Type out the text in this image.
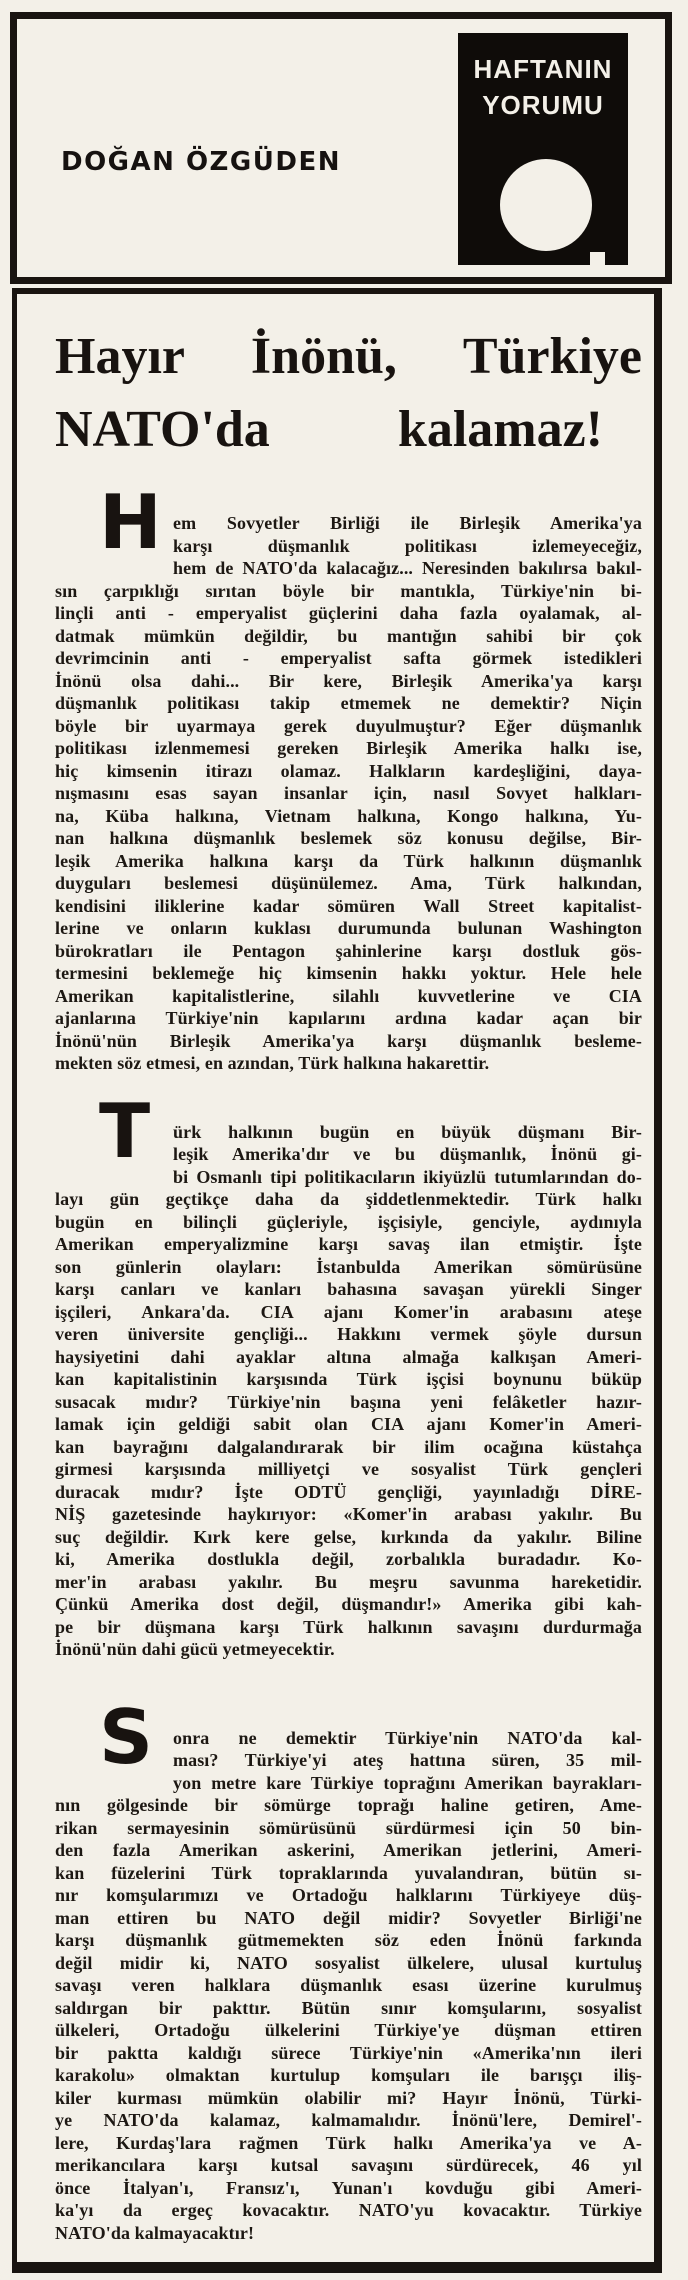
DOĞAN ÖZGÜDEN
HAFTANIN
YORUMU
Hayır İnönü, Türkiye
NATO'da kalamaz!
H em Sovyetler Birliği ile Birleşik Amerika'ya
karşı düşmanlık politikası izlemeyeceğiz,
hem de NATO'da kalacağız... Neresinden bakılırsa bakıl-
sın çarpıklığı sırıtan böyle bir mantıkla, Türkiye'nin bi-
linçli anti - emperyalist güçlerini daha fazla oyalamak, al-
datmak mümkün değildir, bu mantığın sahibi bir çok
devrimcinin anti - emperyalist safta görmek istedikleri
İnönü olsa dahi... Bir kere, Birleşik Amerika'ya karşı
düşmanlık politikası takip etmemek ne demektir? Niçin
böyle bir uyarmaya gerek duyulmuştur? Eğer düşmanlık
politikası izlenmemesi gereken Birleşik Amerika halkı ise,
hiç kimsenin itirazı olamaz. Halkların kardeşliğini, daya-
nışmasını esas sayan insanlar için, nasıl Sovyet halkları-
na, Küba halkına, Vietnam halkına, Kongo halkına, Yu-
nan halkına düşmanlık beslemek söz konusu değilse, Bir-
leşik Amerika halkına karşı da Türk halkının düşmanlık
duyguları beslemesi düşünülemez. Ama, Türk halkından,
kendisini iliklerine kadar sömüren Wall Street kapitalist-
lerine ve onların kuklası durumunda bulunan Washington
bürokratları ile Pentagon şahinlerine karşı dostluk gös-
termesini beklemeğe hiç kimsenin hakkı yoktur. Hele hele
Amerikan kapitalistlerine, silahlı kuvvetlerine ve CIA
ajanlarına Türkiye'nin kapılarını ardına kadar açan bir
İnönü'nün Birleşik Amerika'ya karşı düşmanlık besleme-
mekten söz etmesi, en azından, Türk halkına hakarettir.
T ürk halkının bugün en büyük düşmanı Bir-
leşik Amerika'dır ve bu düşmanlık, İnönü gi-
bi Osmanlı tipi politikacıların ikiyüzlü tutumlarından do-
layı gün geçtikçe daha da şiddetlenmektedir. Türk halkı
bugün en bilinçli güçleriyle, işçisiyle, genciyle, aydınıyla
Amerikan emperyalizmine karşı savaş ilan etmiştir. İşte
son günlerin olayları: İstanbulda Amerikan sömürüsüne
karşı canları ve kanları bahasına savaşan yürekli Singer
işçileri, Ankara'da. CIA ajanı Komer'in arabasını ateşe
veren üniversite gençliği... Hakkını vermek şöyle dursun
haysiyetini dahi ayaklar altına almağa kalkışan Ameri-
kan kapitalistinin karşısında Türk işçisi boynunu büküp
susacak mıdır? Türkiye'nin başına yeni felâketler hazır-
lamak için geldiği sabit olan CIA ajanı Komer'in Ameri-
kan bayrağını dalgalandırarak bir ilim ocağına küstahça
girmesi karşısında milliyetçi ve sosyalist Türk gençleri
duracak mıdır? İşte ODTÜ gençliği, yayınladığı DİRE-
NİŞ gazetesinde haykırıyor: «Komer'in arabası yakılır. Bu
suç değildir. Kırk kere gelse, kırkında da yakılır. Biline
ki, Amerika dostlukla değil, zorbalıkla buradadır. Ko-
mer'in arabası yakılır. Bu meşru savunma hareketidir.
Çünkü Amerika dost değil, düşmandır!» Amerika gibi kah-
pe bir düşmana karşı Türk halkının savaşını durdurmağa
İnönü'nün dahi gücü yetmeyecektir.
S onra ne demektir Türkiye'nin NATO'da kal-
ması? Türkiye'yi ateş hattına süren, 35 mil-
yon metre kare Türkiye toprağını Amerikan bayrakları-
nın gölgesinde bir sömürge toprağı haline getiren, Ame-
rikan sermayesinin sömürüsünü sürdürmesi için 50 bin-
den fazla Amerikan askerini, Amerikan jetlerini, Ameri-
kan füzelerini Türk topraklarında yuvalandıran, bütün sı-
nır komşularımızı ve Ortadoğu halklarını Türkiyeye düş-
man ettiren bu NATO değil midir? Sovyetler Birliği'ne
karşı düşmanlık gütmemekten söz eden İnönü farkında
değil midir ki, NATO sosyalist ülkelere, ulusal kurtuluş
savaşı veren halklara düşmanlık esası üzerine kurulmuş
saldırgan bir pakttır. Bütün sınır komşularını, sosyalist
ülkeleri, Ortadoğu ülkelerini Türkiye'ye düşman ettiren
bir paktta kaldığı sürece Türkiye'nin «Amerika'nın ileri
karakolu» olmaktan kurtulup komşuları ile barışçı iliş-
kiler kurması mümkün olabilir mi? Hayır İnönü, Türki-
ye NATO'da kalamaz, kalmamalıdır. İnönü'lere, Demirel'-
lere, Kurdaş'lara rağmen Türk halkı Amerika'ya ve A-
merikancılara karşı kutsal savaşını sürdürecek, 46 yıl
önce İtalyan'ı, Fransız'ı, Yunan'ı kovduğu gibi Ameri-
ka'yı da ergeç kovacaktır. NATO'yu kovacaktır. Türkiye
NATO'da kalmayacaktır!
